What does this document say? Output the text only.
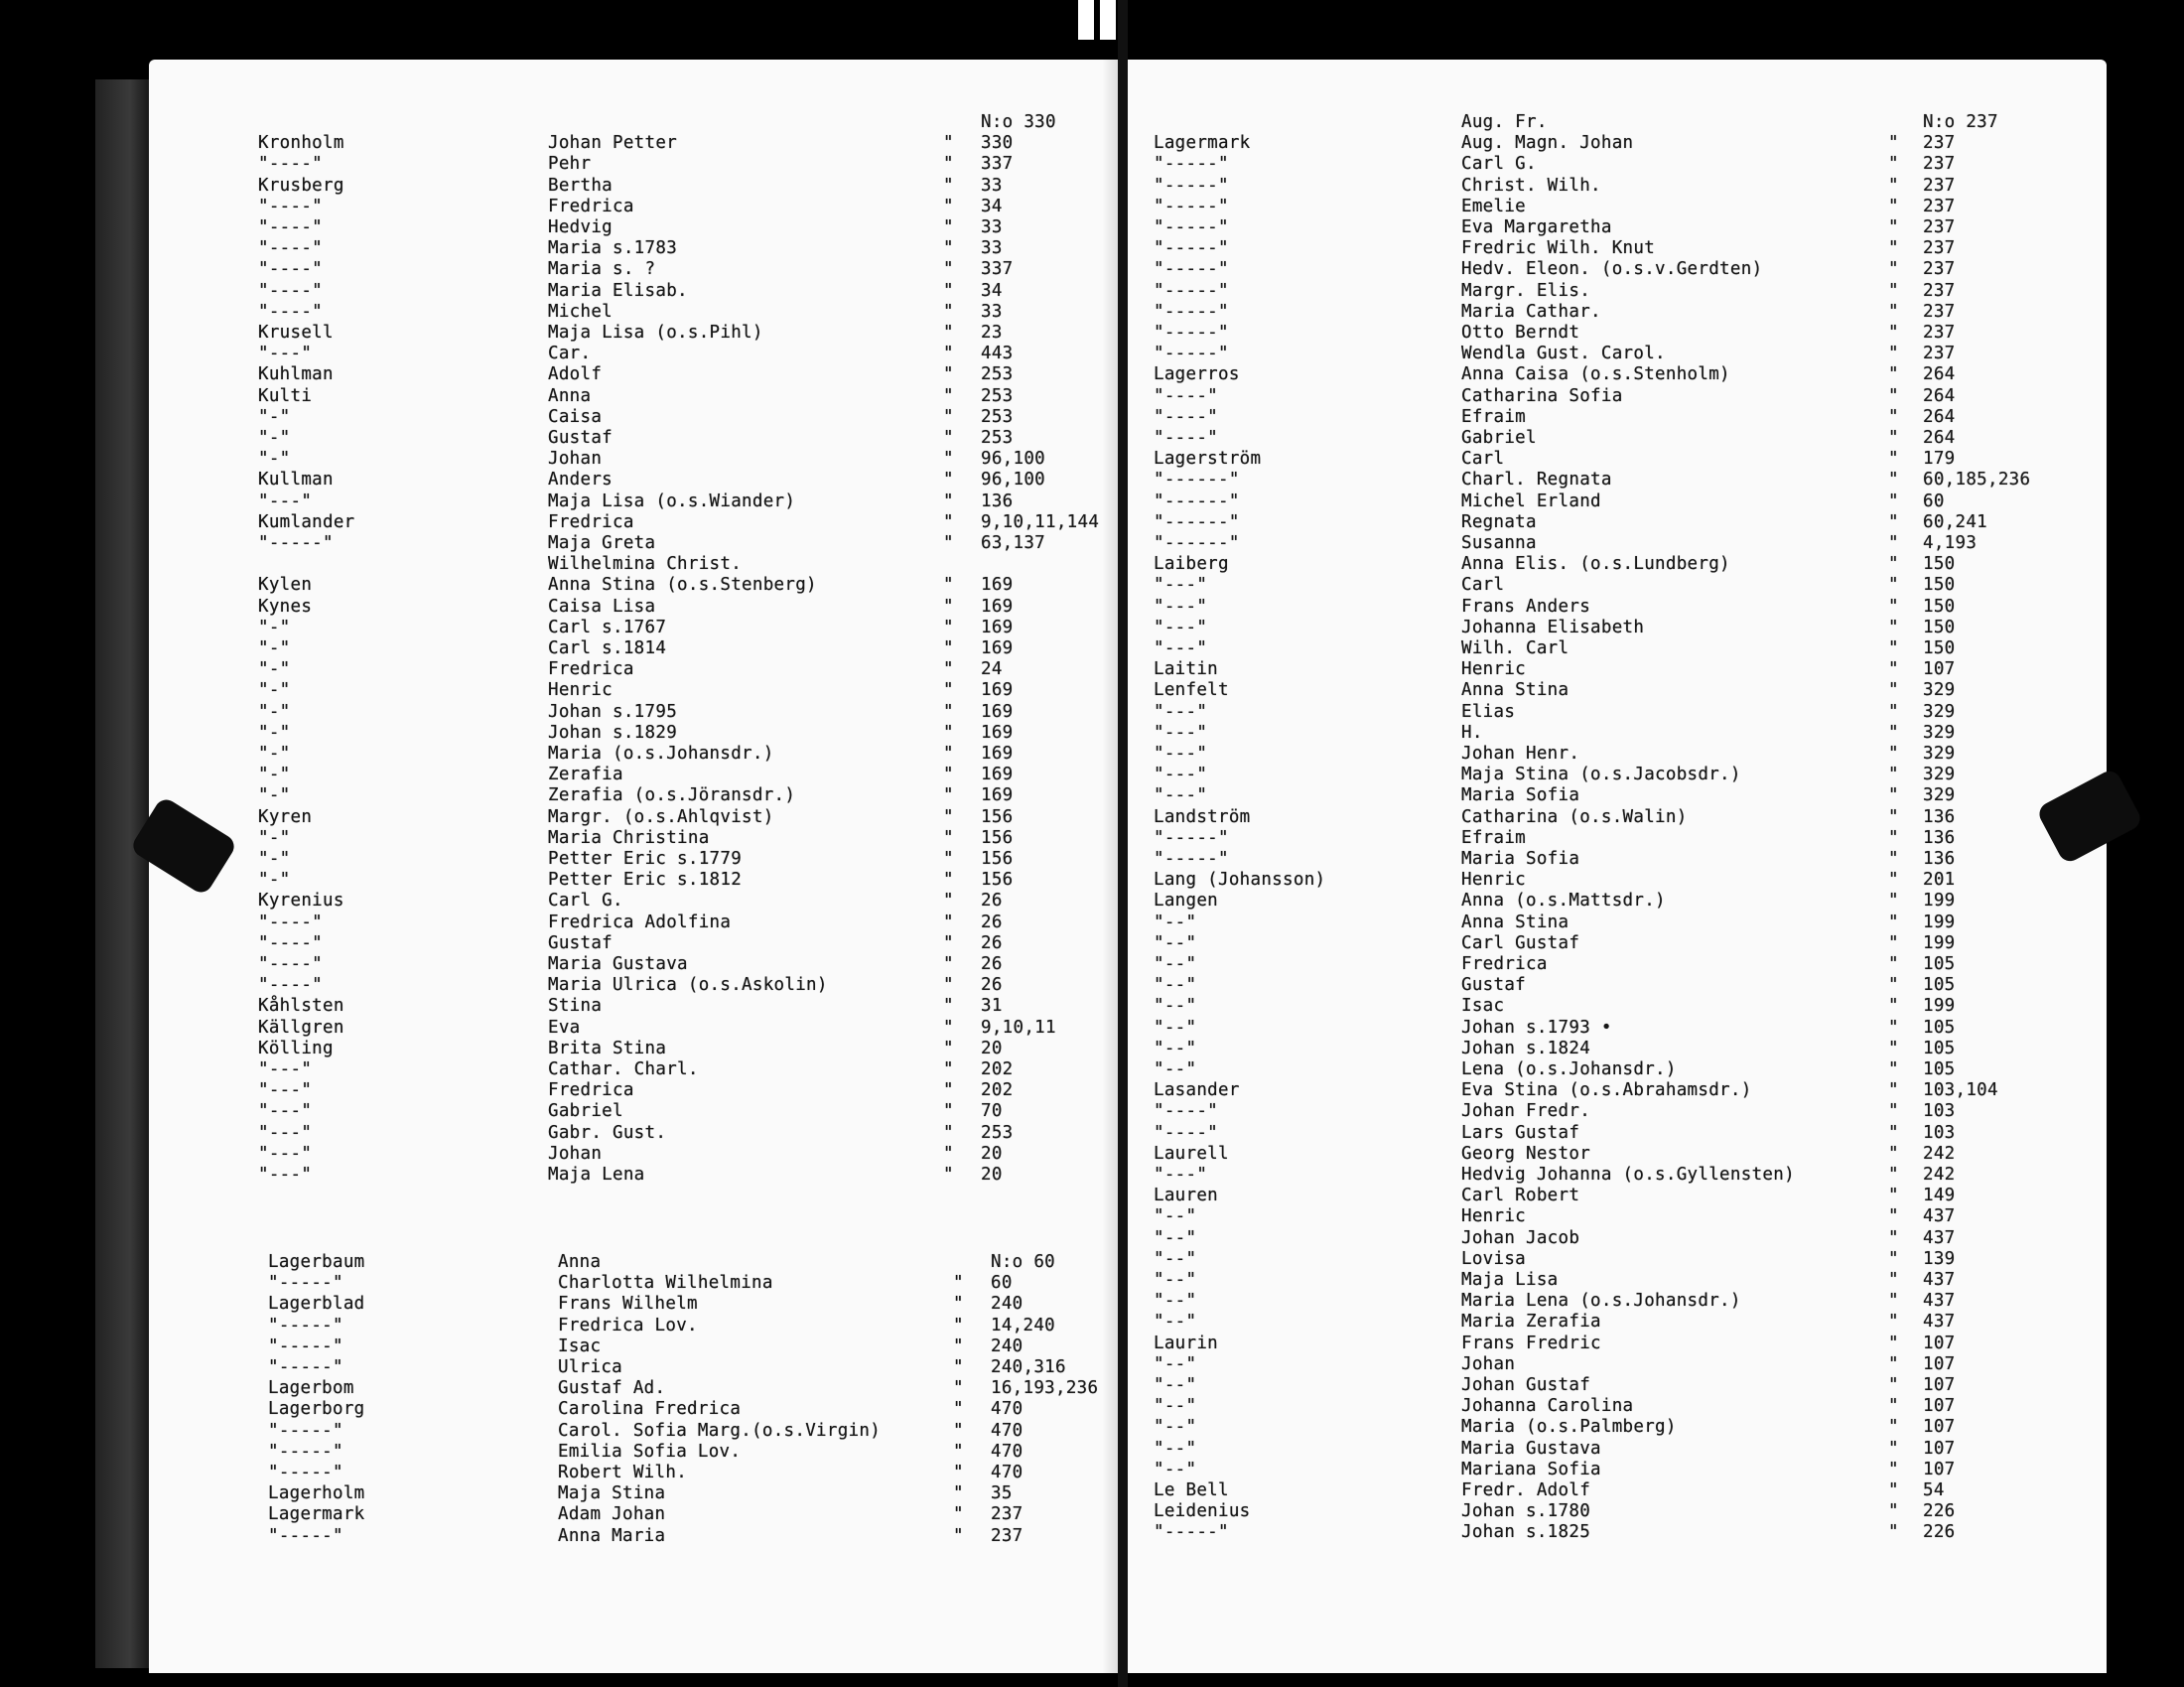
N:o 330
Kronholm	Johan Petter	" 330
"----"	Pehr	" 337
Krusberg	Bertha	" 33
"----"	Fredrica	" 34
"----"	Hedvig	" 33
"----"	Maria s.1783	" 33
"----"	Maria s. ?	" 337
"----"	Maria Elisab.	" 34
"----"	Michel	" 33
Krusell	Maja Lisa (o.s.Pihl)	" 23
"---"	Car.	" 443
Kuhlman	Adolf	" 253
Kulti	Anna	" 253
"-"	Caisa	" 253
"-"	Gustaf	" 253
"-"	Johan	" 96,100
Kullman	Anders	" 96,100
"---"	Maja Lisa (o.s.Wiander)	" 136
Kumlander	Fredrica	" 9,10,11,144
"-----"	Maja Greta	" 63,137
Wilhelmina Christ.
Kylen	Anna Stina (o.s.Stenberg)	" 169
Kynes	Caisa Lisa	" 169
"-"	Carl s.1767	" 169
"-"	Carl s.1814	" 169
"-"	Fredrica	" 24
"-"	Henric	" 169
"-"	Johan s.1795	" 169
"-"	Johan s.1829	" 169
"-"	Maria (o.s.Johansdr.)	" 169
"-"	Zerafia	" 169
"-"	Zerafia (o.s.Jöransdr.)	" 169
Kyren	Margr. (o.s.Ahlqvist)	" 156
"-"	Maria Christina	" 156
"-"	Petter Eric s.1779	" 156
"-"	Petter Eric s.1812	" 156
Kyrenius	Carl G.	" 26
"----"	Fredrica Adolfina	" 26
"----"	Gustaf	" 26
"----"	Maria Gustava	" 26
"----"	Maria Ulrica (o.s.Askolin)	" 26
Kåhlsten	Stina	" 31
Källgren	Eva	" 9,10,11
Kölling	Brita Stina	" 20
"---"	Cathar. Charl.	" 202
"---"	Fredrica	" 202
"---"	Gabriel	" 70
"---"	Gabr. Gust.	" 253
"---"	Johan	" 20
"---"	Maja Lena	" 20
Lagerbaum	Anna	N:o 60
"-----"	Charlotta Wilhelmina	" 60
Lagerblad	Frans Wilhelm	" 240
"-----"	Fredrica Lov.	" 14,240
"-----"	Isac	" 240
"-----"	Ulrica	" 240,316
Lagerbom	Gustaf Ad.	" 16,193,236
Lagerborg	Carolina Fredrica	" 470
"-----"	Carol. Sofia Marg.(o.s.Virgin)	" 470
"-----"	Emilia Sofia Lov.	" 470
"-----"	Robert Wilh.	" 470
Lagerholm	Maja Stina	" 35
Lagermark	Adam Johan	" 237
"-----"	Anna Maria	" 237
Aug. Fr.	N:o 237
Lagermark	Aug. Magn. Johan	" 237
"-----"	Carl G.	" 237
"-----"	Christ. Wilh.	" 237
"-----"	Emelie	" 237
"-----"	Eva Margaretha	" 237
"-----"	Fredric Wilh. Knut	" 237
"-----"	Hedv. Eleon. (o.s.v.Gerdten)	" 237
"-----"	Margr. Elis.	" 237
"-----"	Maria Cathar.	" 237
"-----"	Otto Berndt	" 237
"-----"	Wendla Gust. Carol.	" 237
Lagerros	Anna Caisa (o.s.Stenholm)	" 264
"----"	Catharina Sofia	" 264
"----"	Efraim	" 264
"----"	Gabriel	" 264
Lagerström	Carl	" 179
"------"	Charl. Regnata	" 60,185,236
"------"	Michel Erland	" 60
"------"	Regnata	" 60,241
"------"	Susanna	" 4,193
Laiberg	Anna Elis. (o.s.Lundberg)	" 150
"---"	Carl	" 150
"---"	Frans Anders	" 150
"---"	Johanna Elisabeth	" 150
"---"	Wilh. Carl	" 150
Laitin	Henric	" 107
Lenfelt	Anna Stina	" 329
"---"	Elias	" 329
"---"	H.	" 329
"---"	Johan Henr.	" 329
"---"	Maja Stina (o.s.Jacobsdr.)	" 329
"---"	Maria Sofia	" 329
Landström	Catharina (o.s.Walin)	" 136
"-----"	Efraim	" 136
"-----"	Maria Sofia	" 136
Lang (Johansson)	Henric	" 201
Langen	Anna (o.s.Mattsdr.)	" 199
"--"	Anna Stina	" 199
"--"	Carl Gustaf	" 199
"--"	Fredrica	" 105
"--"	Gustaf	" 105
"--"	Isac	" 199
"--"	Johan s.1793 •	" 105
"--"	Johan s.1824	" 105
"--"	Lena (o.s.Johansdr.)	" 105
Lasander	Eva Stina (o.s.Abrahamsdr.)	" 103,104
"----"	Johan Fredr.	" 103
"----"	Lars Gustaf	" 103
Laurell	Georg Nestor	" 242
"---"	Hedvig Johanna (o.s.Gyllensten)	" 242
Lauren	Carl Robert	" 149
"--"	Henric	" 437
"--"	Johan Jacob	" 437
"--"	Lovisa	" 139
"--"	Maja Lisa	" 437
"--"	Maria Lena (o.s.Johansdr.)	" 437
"--"	Maria Zerafia	" 437
Laurin	Frans Fredric	" 107
"--"	Johan	" 107
"--"	Johan Gustaf	" 107
"--"	Johanna Carolina	" 107
"--"	Maria (o.s.Palmberg)	" 107
"--"	Maria Gustava	" 107
"--"	Mariana Sofia	" 107
Le Bell	Fredr. Adolf	" 54
Leidenius	Johan s.1780	" 226
"-----"	Johan s.1825	" 226
